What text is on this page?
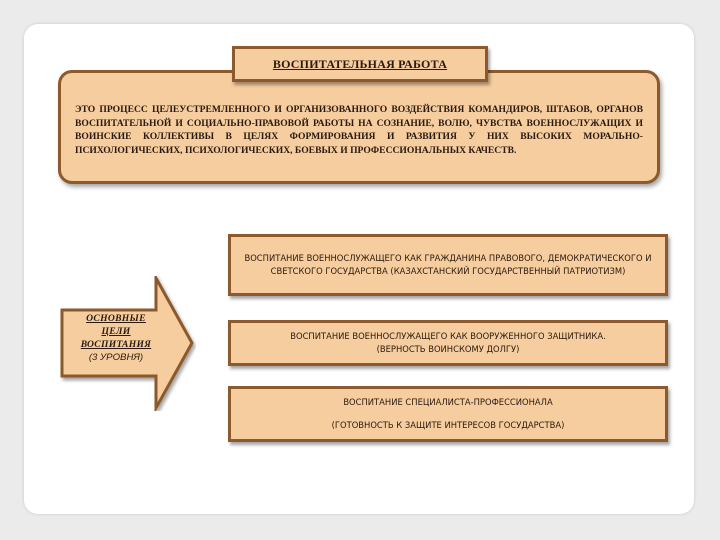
ЭТО ПРОЦЕСС ЦЕЛЕУСТРЕМЛЕННОГО И ОРГАНИЗОВАННОГО ВОЗДЕЙСТВИЯ КОМАНДИРОВ, ШТАБОВ, ОРГАНОВ ВОСПИТАТЕЛЬНОЙ И СОЦИАЛЬНО-ПРАВОВОЙ РАБОТЫ НА СОЗНАНИЕ, ВОЛЮ, ЧУВСТВА ВОЕННОСЛУЖАЩИХ И ВОИНСКИЕ КОЛЛЕКТИВЫ В ЦЕЛЯХ ФОРМИРОВАНИЯ И РАЗВИТИЯ У НИХ ВЫСОКИХ МОРАЛЬНО-ПСИХОЛОГИЧЕСКИХ, ПСИХОЛОГИЧЕСКИХ, БОЕВЫХ И ПРОФЕССИОНАЛЬНЫХ КАЧЕСТВ.
ВОСПИТАТЕЛЬНАЯ РАБОТА
ОСНОВНЫЕ
ЦЕЛИ
ВОСПИТАНИЯ
(3 УРОВНЯ)
ВОСПИТАНИЕ ВОЕННОСЛУЖАЩЕГО КАК ГРАЖДАНИНА ПРАВОВОГО, ДЕМОКРАТИЧЕСКОГО И СВЕТСКОГО ГОСУДАРСТВА (КАЗАХСТАНСКИЙ ГОСУДАРСТВЕННЫЙ ПАТРИОТИЗМ)
ВОСПИТАНИЕ ВОЕННОСЛУЖАЩЕГО КАК ВООРУЖЕННОГО ЗАЩИТНИКА.
(ВЕРНОСТЬ ВОИНСКОМУ ДОЛГУ)
ВОСПИТАНИЕ СПЕЦИАЛИСТА-ПРОФЕССИОНАЛА
(ГОТОВНОСТЬ К ЗАЩИТЕ ИНТЕРЕСОВ ГОСУДАРСТВА)
